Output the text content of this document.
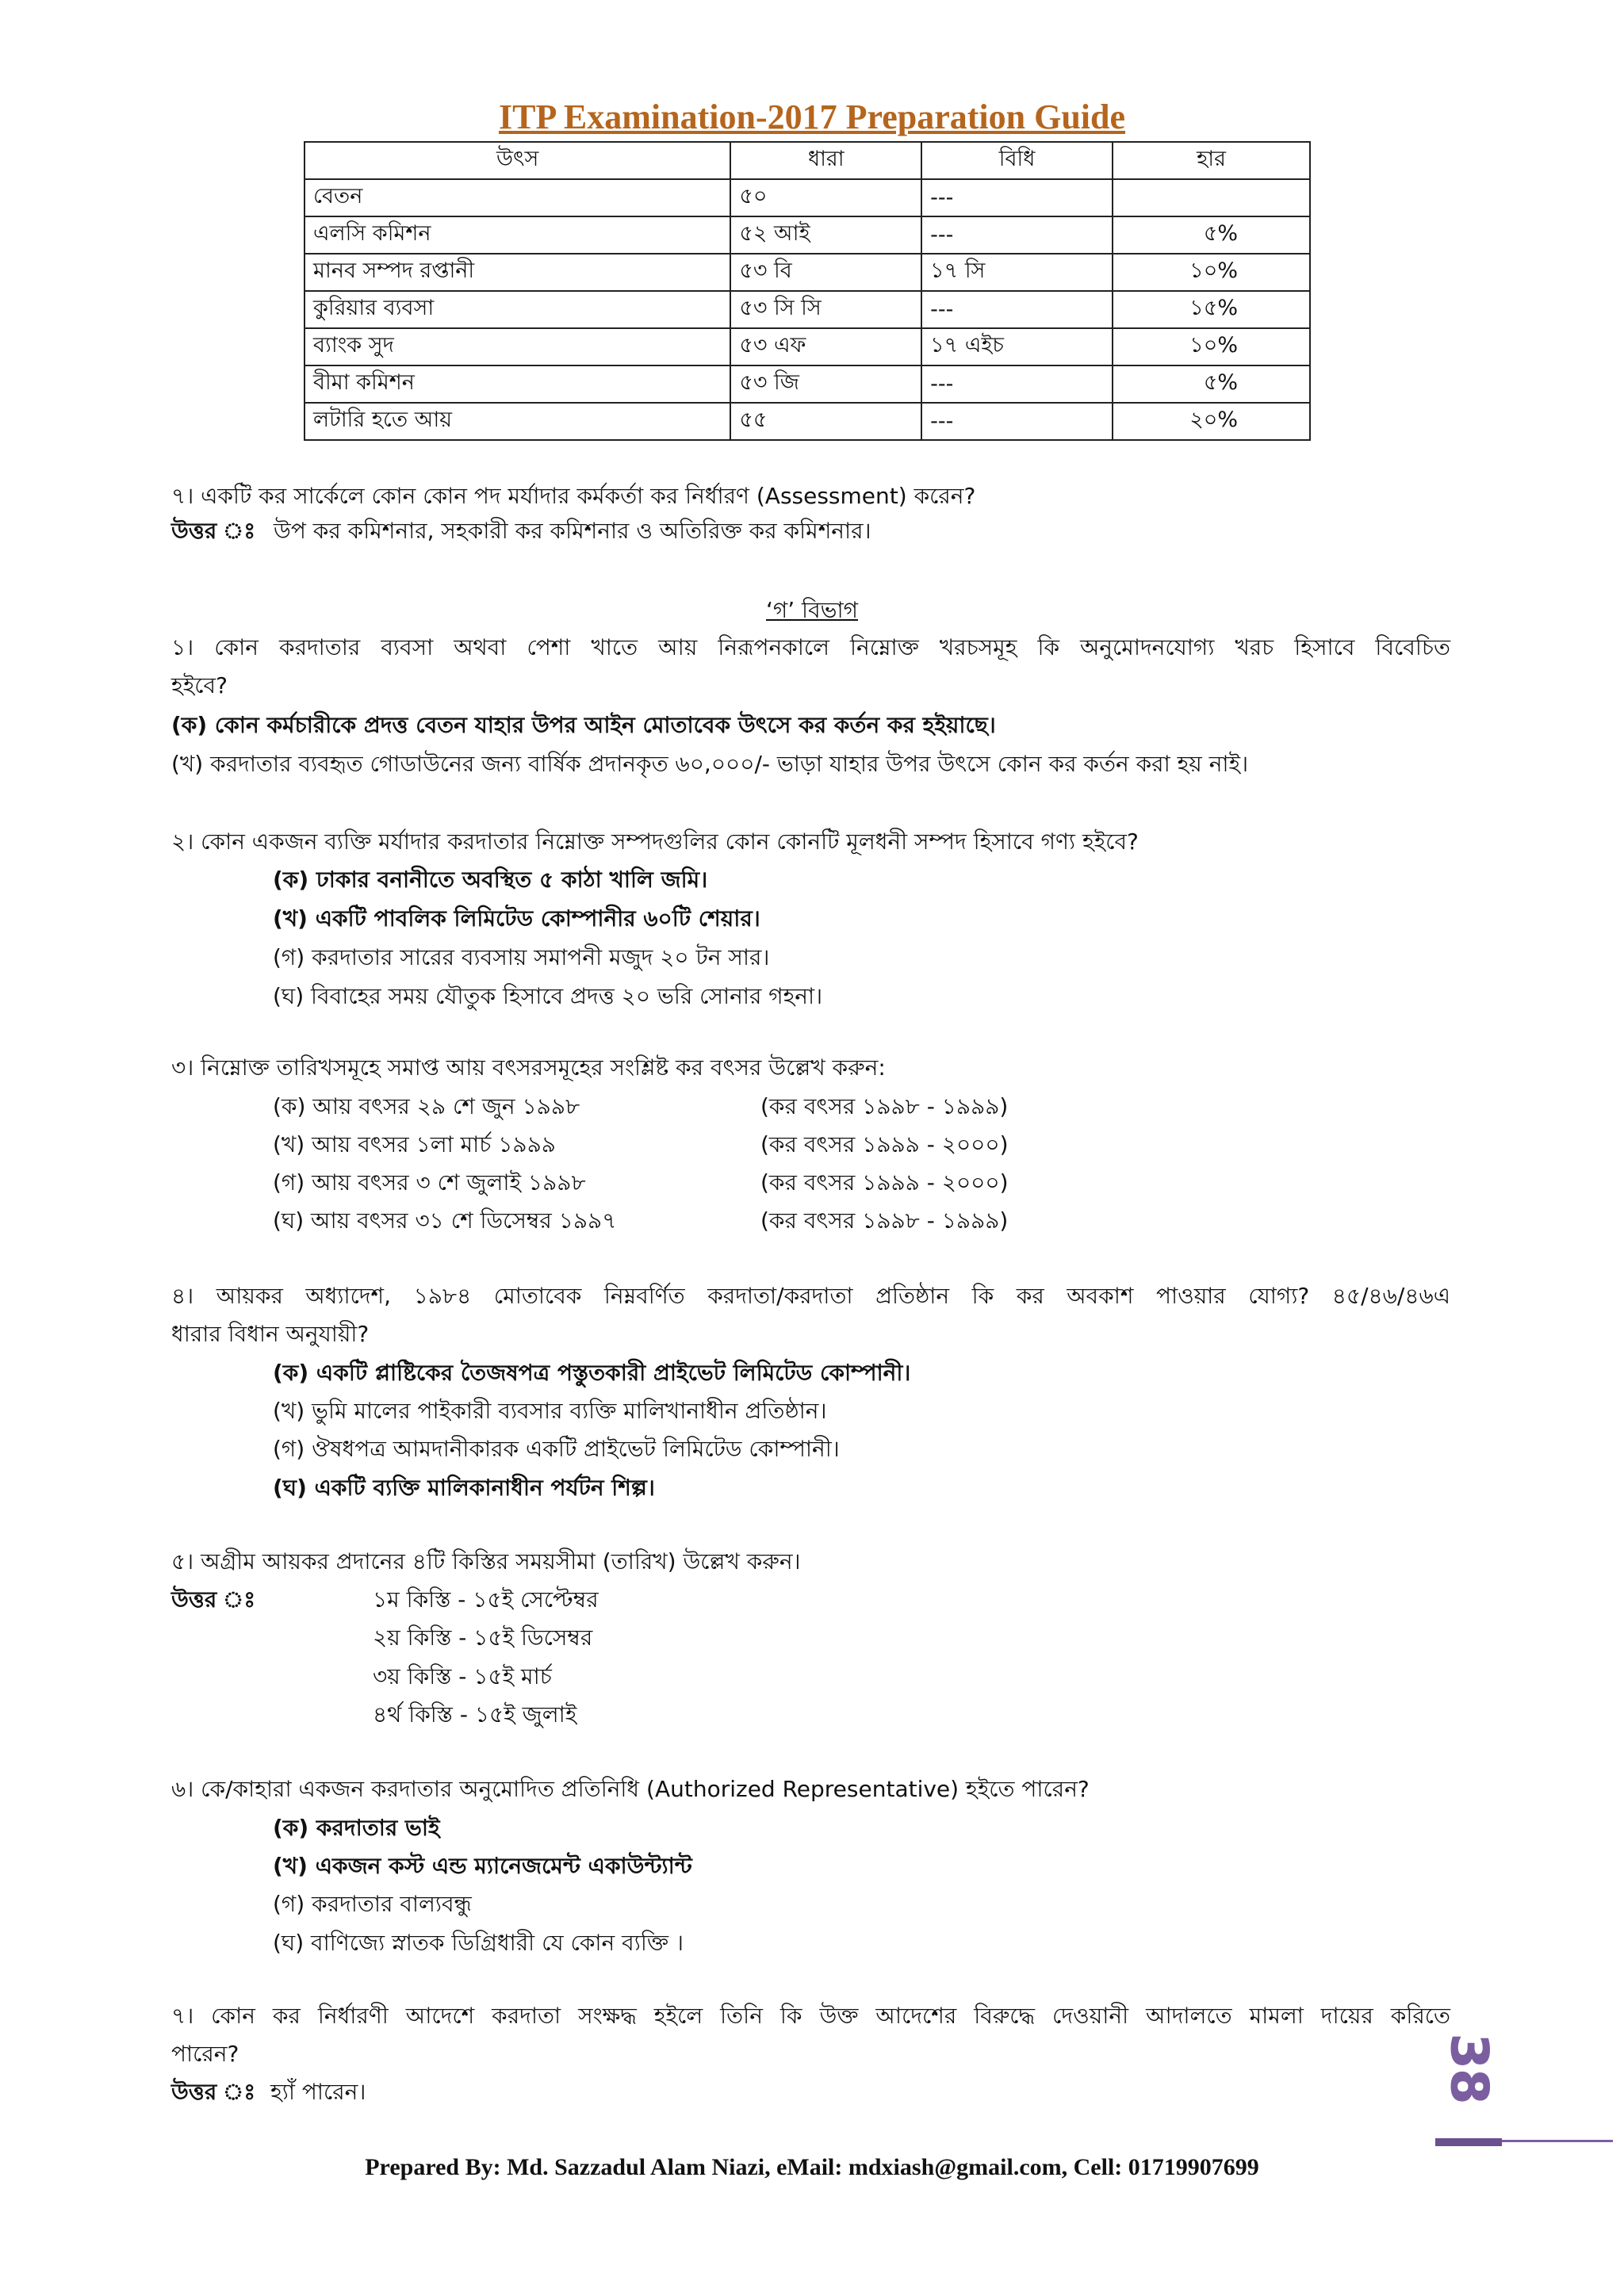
ITP Examination-2017 Preparation Guide
উৎস	ধারা	বিধি	হার
বেতন	৫০	---	
এলসি কমিশন	৫২ আই	---	৫%
মানব সম্পদ রপ্তানী	৫৩ বি	১৭ সি	১০%
কুরিয়ার ব্যবসা	৫৩ সি সি	---	১৫%
ব্যাংক সুদ	৫৩ এফ	১৭ এইচ	১০%
বীমা কমিশন	৫৩ জি	---	৫%
লটারি হতে আয়	৫৫	---	২০%
৭। একটি কর সার্কেলে কোন কোন পদ মর্যাদার কর্মকর্তা কর নির্ধারণ (Assessment) করেন?
উত্তর ঃ উপ কর কমিশনার, সহকারী কর কমিশনার ও অতিরিক্ত কর কমিশনার।
‘গ’ বিভাগ
১। কোন করদাতার ব্যবসা অথবা পেশা খাতে আয় নিরূপনকালে নিম্নোক্ত খরচসমূহ কি অনুমোদনযোগ্য খরচ হিসাবে বিবেচিত
হইবে?
(ক) কোন কর্মচারীকে প্রদত্ত বেতন যাহার উপর আইন মোতাবেক উৎসে কর কর্তন কর হইয়াছে।
(খ) করদাতার ব্যবহৃত গোডাউনের জন্য বার্ষিক প্রদানকৃত ৬০,০০০/- ভাড়া যাহার উপর উৎসে কোন কর কর্তন করা হয় নাই।
২। কোন একজন ব্যক্তি মর্যাদার করদাতার নিম্নোক্ত সম্পদগুলির কোন কোনটি মূলধনী সম্পদ হিসাবে গণ্য হইবে?
(ক) ঢাকার বনানীতে অবস্থিত ৫ কাঠা খালি জমি।
(খ) একটি পাবলিক লিমিটেড কোম্পানীর ৬০টি শেয়ার।
(গ) করদাতার সারের ব্যবসায় সমাপনী মজুদ ২০ টন সার।
(ঘ) বিবাহের সময় যৌতুক হিসাবে প্রদত্ত ২০ ভরি সোনার গহনা।
৩। নিম্নোক্ত তারিখসমূহে সমাপ্ত আয় বৎসরসমূহের সংশ্লিষ্ট কর বৎসর উল্লেখ করুন:
(ক) আয় বৎসর ২৯ শে জুন ১৯৯৮	(কর বৎসর ১৯৯৮ - ১৯৯৯)
(খ) আয় বৎসর ১লা মার্চ ১৯৯৯	(কর বৎসর ১৯৯৯ - ২০০০)
(গ) আয় বৎসর ৩ শে জুলাই ১৯৯৮	(কর বৎসর ১৯৯৯ - ২০০০)
(ঘ) আয় বৎসর ৩১ শে ডিসেম্বর ১৯৯৭	(কর বৎসর ১৯৯৮ - ১৯৯৯)
৪। আয়কর অধ্যাদেশ, ১৯৮৪ মোতাবেক নিম্নবর্ণিত করদাতা/করদাতা প্রতিষ্ঠান কি কর অবকাশ পাওয়ার যোগ্য? ৪৫/৪৬/৪৬এ
ধারার বিধান অনুযায়ী?
(ক) একটি প্লাষ্টিকের তৈজষপত্র পস্তুতকারী প্রাইভেট লিমিটেড কোম্পানী।
(খ) ভুমি মালের পাইকারী ব্যবসার ব্যক্তি মালিখানাধীন প্রতিষ্ঠান।
(গ) ঔষধপত্র আমদানীকারক একটি প্রাইভেট লিমিটেড কোম্পানী।
(ঘ) একটি ব্যক্তি মালিকানাধীন পর্যটন শিল্প।
৫। অগ্রীম আয়কর প্রদানের ৪টি কিস্তির সময়সীমা (তারিখ) উল্লেখ করুন।
উত্তর ঃ	১ম কিস্তি - ১৫ই সেপ্টেম্বর
২য় কিস্তি - ১৫ই ডিসেম্বর
৩য় কিস্তি - ১৫ই মার্চ
৪র্থ কিস্তি - ১৫ই জুলাই
৬। কে/কাহারা একজন করদাতার অনুমোদিত প্রতিনিধি (Authorized Representative) হইতে পারেন?
(ক) করদাতার ভাই
(খ) একজন কস্ট এন্ড ম্যানেজমেন্ট একাউন্ট্যান্ট
(গ) করদাতার বাল্যবন্ধু
(ঘ) বাণিজ্যে স্নাতক ডিগ্রিধারী যে কোন ব্যক্তি ।
৭। কোন কর নির্ধারণী আদেশে করদাতা সংক্ষদ্ধ হইলে তিনি কি উক্ত আদেশের বিরুদ্ধে দেওয়ানী আদালতে মামলা দায়ের করিতে
পারেন?
উত্তর ঃ হ্যাঁ পারেন।	38
Prepared By: Md. Sazzadul Alam Niazi, eMail: mdxiash@gmail.com, Cell: 01719907699
